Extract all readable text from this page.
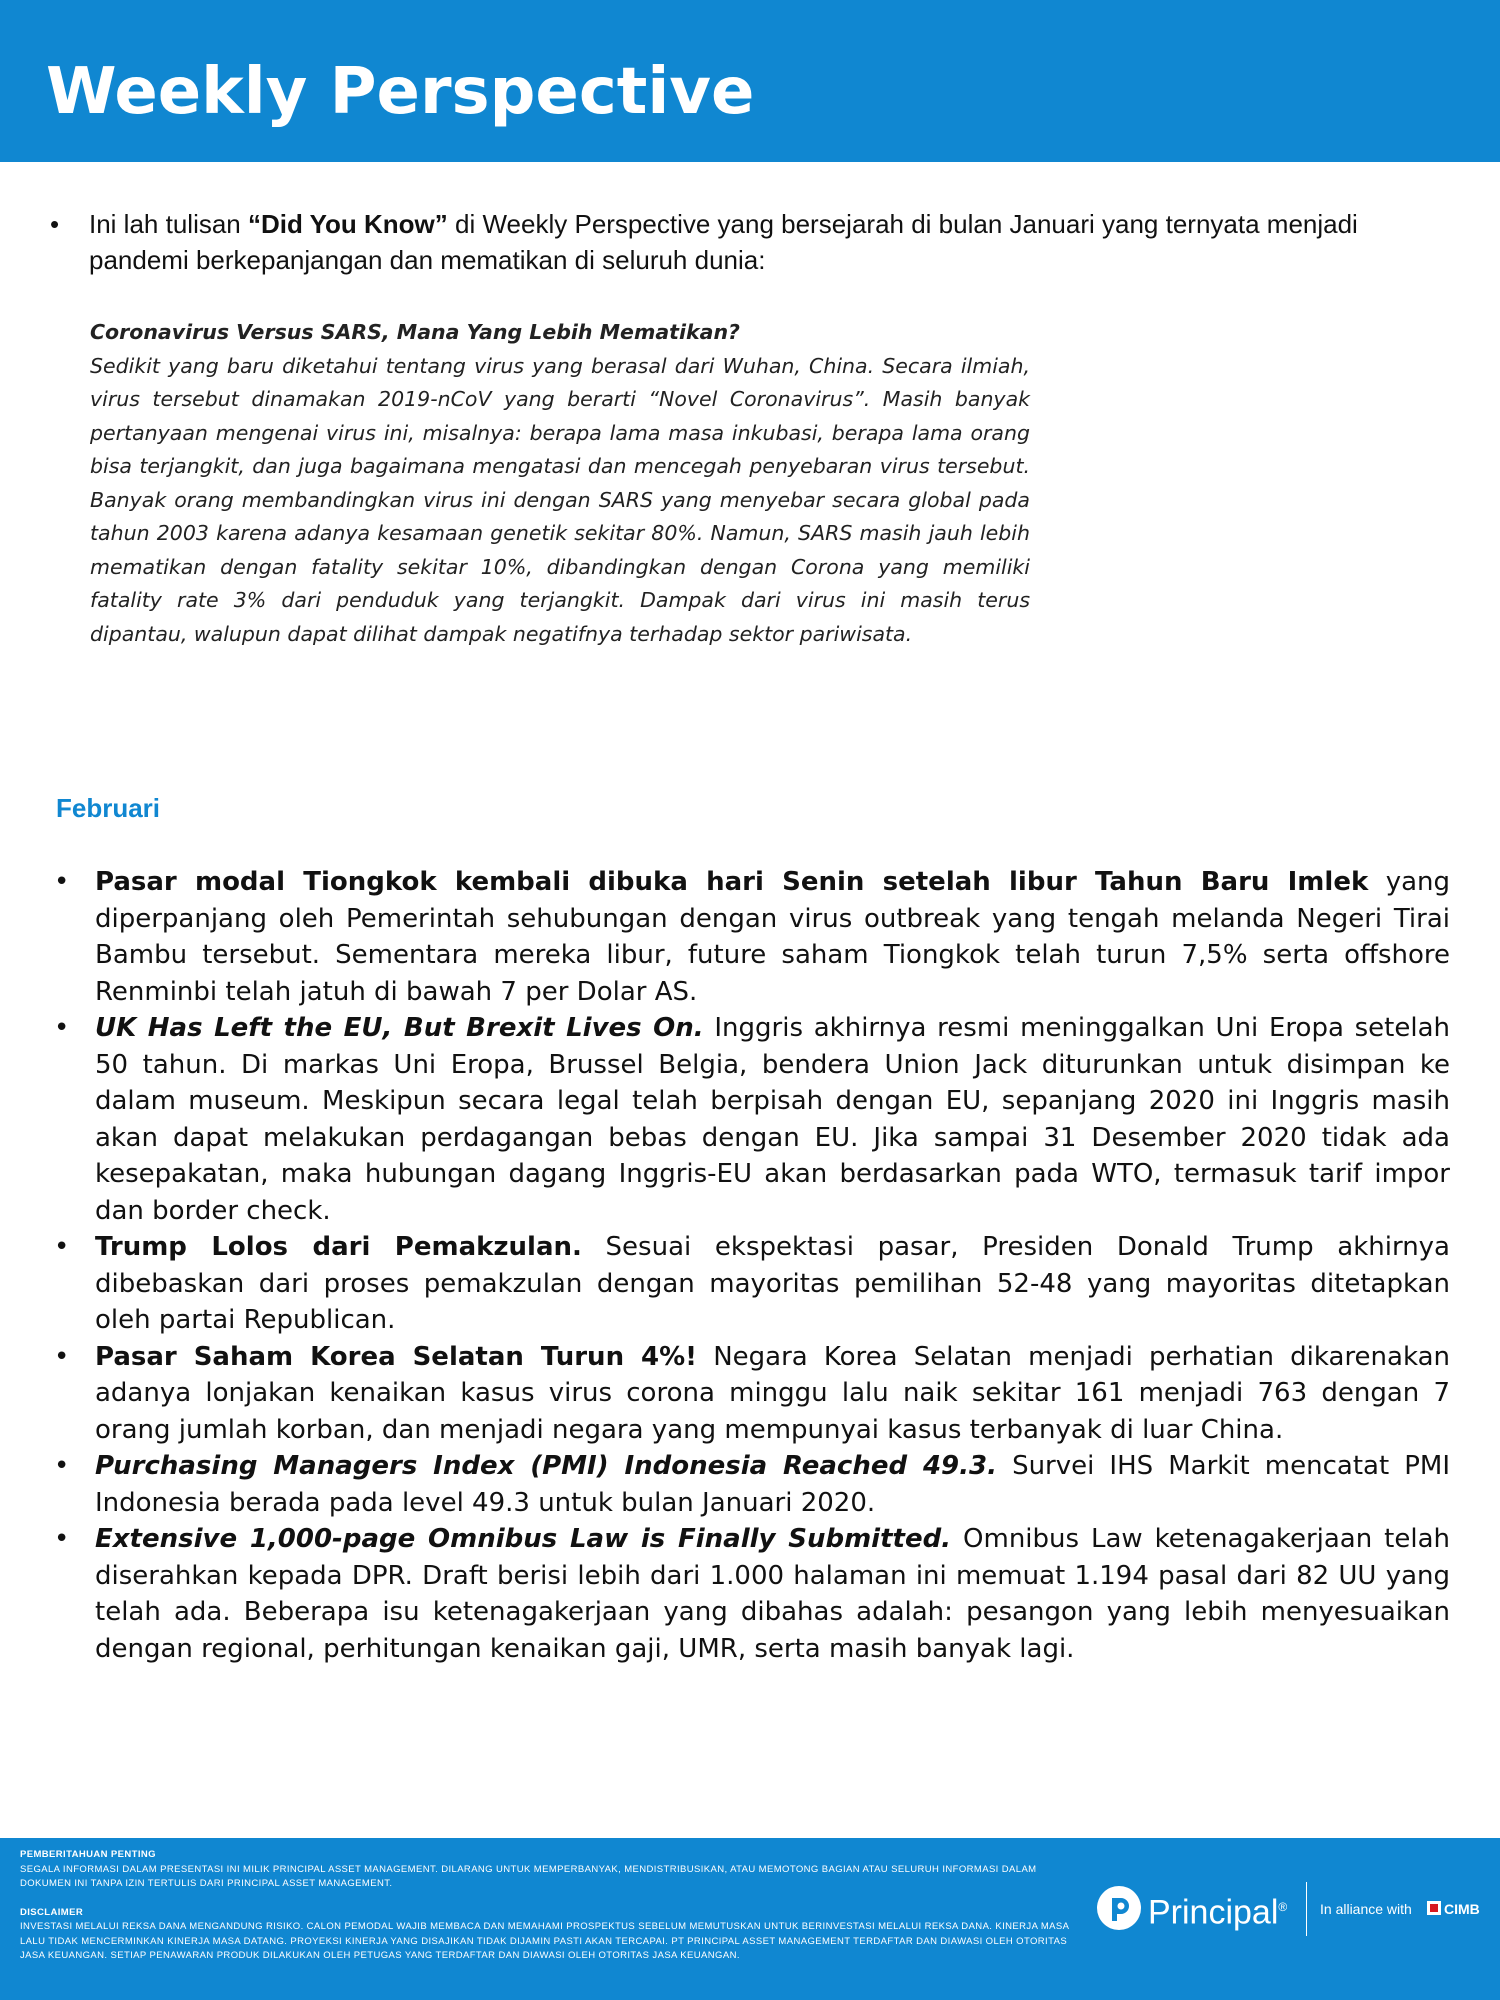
Weekly Perspective
• Ini lah tulisan “Did You Know” di Weekly Perspective yang bersejarah di bulan Januari yang ternyata menjadi pandemi berkepanjangan dan mematikan di seluruh dunia:

Coronavirus Versus SARS, Mana Yang Lebih Mematikan?

Sedikit yang baru diketahui tentang virus yang berasal dari Wuhan, China. Secara ilmiah, virus tersebut dinamakan 2019-nCoV yang berarti “Novel Coronavirus”. Masih banyak pertanyaan mengenai virus ini, misalnya: berapa lama masa inkubasi, berapa lama orang bisa terjangkit, dan juga bagaimana mengatasi dan mencegah penyebaran virus tersebut. Banyak orang membandingkan virus ini dengan SARS yang menyebar secara global pada tahun 2003 karena adanya kesamaan genetik sekitar 80%. Namun, SARS masih jauh lebih mematikan dengan fatality sekitar 10%, dibandingkan dengan Corona yang memiliki fatality rate 3% dari penduduk yang terjangkit. Dampak dari virus ini masih terus dipantau, walupun dapat dilihat dampak negatifnya terhadap sektor pariwisata.

Februari
• Pasar modal Tiongkok kembali dibuka hari Senin setelah libur Tahun Baru Imlek yang diperpanjang oleh Pemerintah sehubungan dengan virus outbreak yang tengah melanda Negeri Tirai Bambu tersebut. Sementara mereka libur, future saham Tiongkok telah turun 7,5% serta offshore Renminbi telah jatuh di bawah 7 per Dolar AS.
• UK Has Left the EU, But Brexit Lives On. Inggris akhirnya resmi meninggalkan Uni Eropa setelah 50 tahun. Di markas Uni Eropa, Brussel Belgia, bendera Union Jack diturunkan untuk disimpan ke dalam museum. Meskipun secara legal telah berpisah dengan EU, sepanjang 2020 ini Inggris masih akan dapat melakukan perdagangan bebas dengan EU. Jika sampai 31 Desember 2020 tidak ada kesepakatan, maka hubungan dagang Inggris-EU akan berdasarkan pada WTO, termasuk tarif impor dan border check.
• Trump Lolos dari Pemakzulan. Sesuai ekspektasi pasar, Presiden Donald Trump akhirnya dibebaskan dari proses pemakzulan dengan mayoritas pemilihan 52-48 yang mayoritas ditetapkan oleh partai Republican.
• Pasar Saham Korea Selatan Turun 4%! Negara Korea Selatan menjadi perhatian dikarenakan adanya lonjakan kenaikan kasus virus corona minggu lalu naik sekitar 161 menjadi 763 dengan 7 orang jumlah korban, dan menjadi negara yang mempunyai kasus terbanyak di luar China.
• Purchasing Managers Index (PMI) Indonesia Reached 49.3. Survei IHS Markit mencatat PMI Indonesia berada pada level 49.3 untuk bulan Januari 2020.
• Extensive 1,000-page Omnibus Law is Finally Submitted. Omnibus Law ketenagakerjaan telah diserahkan kepada DPR. Draft berisi lebih dari 1.000 halaman ini memuat 1.194 pasal dari 82 UU yang telah ada. Beberapa isu ketenagakerjaan yang dibahas adalah: pesangon yang lebih menyesuaikan dengan regional, perhitungan kenaikan gaji, UMR, serta masih banyak lagi.

PEMBERITAHUAN PENTING

SEGALA INFORMASI DALAM PRESENTASI INI MILIK PRINCIPAL ASSET MANAGEMENT. DILARANG UNTUK MEMPERBANYAK, MENDISTRIBUSIKAN, ATAU MEMOTONG BAGIAN ATAU SELURUH INFORMASI DALAM DOKUMEN INI TANPA IZIN TERTULIS DARI PRINCIPAL ASSET MANAGEMENT.

DISCLAIMER

INVESTASI MELALUI REKSA DANA MENGANDUNG RISIKO. CALON PEMODAL WAJIB MEMBACA DAN MEMAHAMI PROSPEKTUS SEBELUM MEMUTUSKAN UNTUK BERINVESTASI MELALUI REKSA DANA. KINERJA MASA LALU TIDAK MENCERMINKAN KINERJA MASA DATANG. PROYEKSI KINERJA YANG DISAJIKAN TIDAK DIJAMIN PASTI AKAN TERCAPAI. PT PRINCIPAL ASSET MANAGEMENT TERDAFTAR DAN DIAWASI OLEH OTORITAS JASA KEUANGAN. SETIAP PENAWARAN PRODUK DILAKUKAN OLEH PETUGAS YANG TERDAFTAR DAN DIAWASI OLEH OTORITAS JASA KEUANGAN.

Principal® In alliance with CIMB
